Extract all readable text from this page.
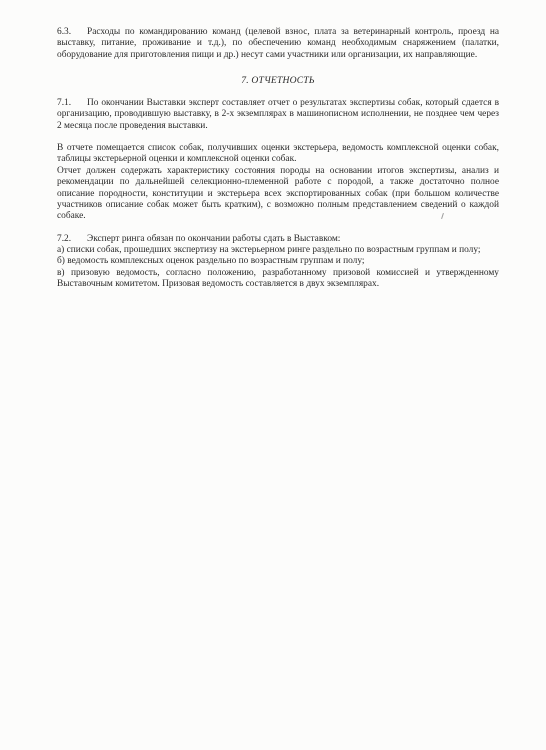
6.3. Расходы по командированию команд (целевой взнос, плата за ветеринарный контроль, проезд на выставку, питание, проживание и т.д.), по обеспечению команд необходимым снаряжением (палатки, оборудование для приготовления пищи и др.) несут сами участники или организации, их направляющие.

7. ОТЧЕТНОСТЬ

7.1. По окончании Выставки эксперт составляет отчет о результатах экспертизы собак, который сдается в организацию, проводившую выставку, в 2-х экземплярах в машинописном исполнении, не позднее чем через 2 месяца после проведения выставки.

В отчете помещается список собак, получивших оценки экстерьера, ведомость комплексной оценки собак, таблицы экстерьерной оценки и комплексной оценки собак.

Отчет должен содержать характеристику состояния породы на основании итогов экспертизы, анализ и рекомендации по дальнейшей селекционно-племенной работе с породой, а также достаточно полное описание породности, конституции и экстерьера всех экспортированных собак (при большом количестве участников описание собак может быть кратким), с возможно полным представлением сведений о каждой собаке.

7.2. Эксперт ринга обязан по окончании работы сдать в Выставком:

а) списки собак, прошедших экспертизу на экстерьерном ринге раздельно по возрастным группам и полу;
б) ведомость комплексных оценок раздельно по возрастным группам и полу;
в) призовую ведомость, согласно положению, разработанному призовой комиссией и утвержденному Выставочным комитетом. Призовая ведомость составляется в двух экземплярах.
